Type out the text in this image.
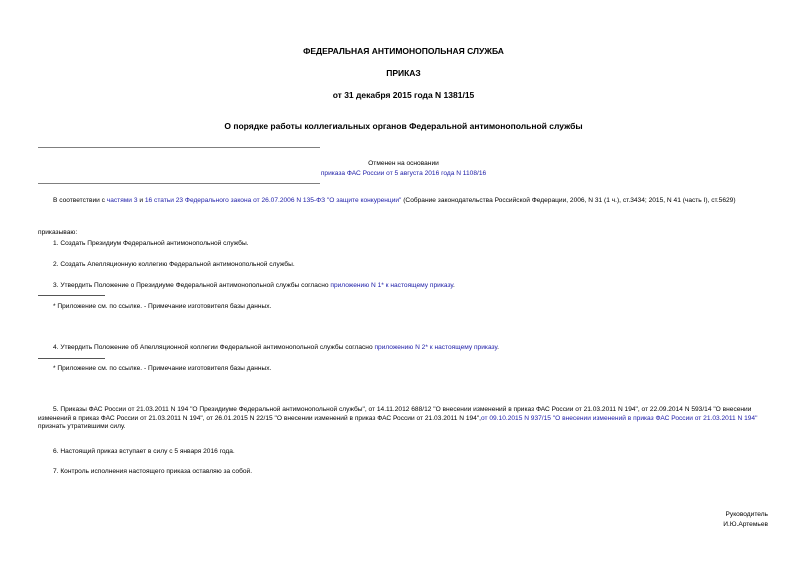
ФЕДЕРАЛЬНАЯ АНТИМОНОПОЛЬНАЯ СЛУЖБА
ПРИКАЗ
от 31 декабря 2015 года N 1381/15
О порядке работы коллегиальных органов Федеральной антимонопольной службы
Отменен на основании
приказа ФАС России от 5 августа 2016 года N 1108/16
В соответствии с частями 3 и 16 статьи 23 Федерального закона от 26.07.2006 N 135-ФЗ "О защите конкуренции" (Собрание законодательства Российской Федерации, 2006, N 31 (1 ч.), ст.3434; 2015, N 41 (часть I), ст.5629)
приказываю:
1. Создать Президиум Федеральной антимонопольной службы.
2. Создать Апелляционную коллегию Федеральной антимонопольной службы.
3. Утвердить Положение о Президиуме Федеральной антимонопольной службы согласно приложению N 1* к настоящему приказу.
* Приложение см. по ссылке. - Примечание изготовителя базы данных.
4. Утвердить Положение об Апелляционной коллегии Федеральной антимонопольной службы согласно приложению N 2* к настоящему приказу.
* Приложение см. по ссылке. - Примечание изготовителя базы данных.
5. Приказы ФАС России от 21.03.2011 N 194 "О Президиуме Федеральной антимонопольной службы", от 14.11.2012 688/12 "О внесении изменений в приказ ФАС России от 21.03.2011 N 194", от 22.09.2014 N 593/14 "О внесении изменений в приказ ФАС России от 21.03.2011 N 194", от 26.01.2015 N 22/15 "О внесении изменений в приказ ФАС России от 21.03.2011 N 194",от 09.10.2015 N 937/15 "О внесении изменений в приказ ФАС России от 21.03.2011 N 194" признать утратившими силу.
6. Настоящий приказ вступает в силу с 5 января 2016 года.
7. Контроль исполнения настоящего приказа оставляю за собой.
Руководитель
И.Ю.Артемьев
